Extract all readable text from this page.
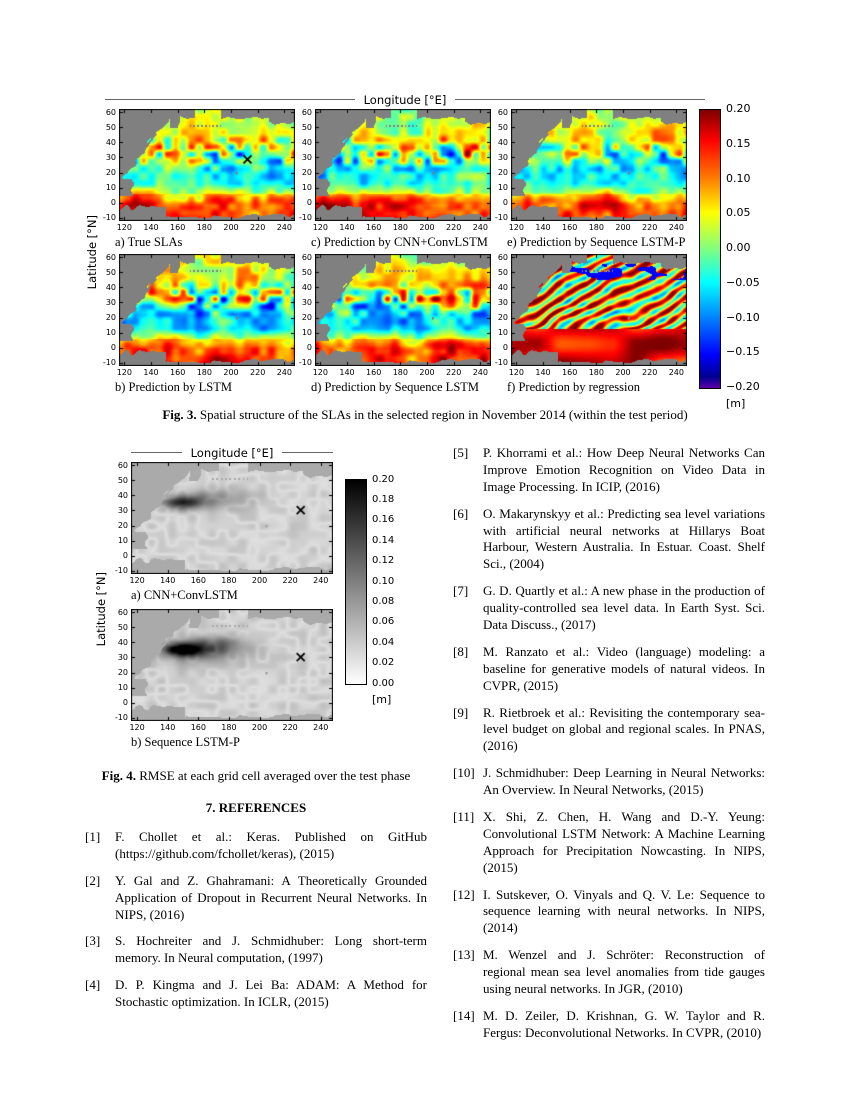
Longitude [°E]
Latitude [°N]
60
50
40
30
20
10
0
-10
120	140	160	180	200	220	240
a) True SLAs
60
50
40
30
20
10
0
-10
120	140	160	180	200	220	240
c) Prediction by CNN+ConvLSTM
60
50
40
30
20
10
0
-10
120	140	160	180	200	220	240
e) Prediction by Sequence LSTM-P
60
50
40
30
20
10
0
-10
120	140	160	180	200	220	240
b) Prediction by LSTM
60
50
40
30
20
10
0
-10
120	140	160	180	200	220	240
d) Prediction by Sequence LSTM
60
50
40
30
20
10
0
-10
120	140	160	180	200	220	240
f) Prediction by regression
0.20
0.15
0.10
0.05
0.00
−0.05
−0.10
−0.15
−0.20
[m]
Fig. 3. Spatial structure of the SLAs in the selected region in November 2014 (within the test period)
Longitude [°E]
Latitude [°N]
60
50
40
30
20
10
0
-10
120	140	160	180	200	220	240
a) CNN+ConvLSTM
60
50
40
30
20
10
0
-10
120	140	160	180	200	220	240
b) Sequence LSTM-P
0.20
0.18
0.16
0.14
0.12
0.10
0.08
0.06
0.04
0.02
0.00
[m]
Fig. 4. RMSE at each grid cell averaged over the test phase
7. REFERENCES
[1]	F. Chollet et al.: Keras. Published on GitHub (https://github.com/fchollet/keras), (2015)
[2]	Y. Gal and Z. Ghahramani: A Theoretically Grounded Application of Dropout in Recurrent Neural Networks. In NIPS, (2016)
[3]	S. Hochreiter and J. Schmidhuber: Long short-term memory. In Neural computation, (1997)
[4]	D. P. Kingma and J. Lei Ba: ADAM: A Method for Stochastic optimization. In ICLR, (2015)
[5]	P. Khorrami et al.: How Deep Neural Networks Can Improve Emotion Recognition on Video Data in Image Processing. In ICIP, (2016)
[6]	O. Makarynskyy et al.: Predicting sea level variations with artificial neural networks at Hillarys Boat Harbour, Western Australia. In Estuar. Coast. Shelf Sci., (2004)
[7]	G. D. Quartly et al.: A new phase in the production of quality-controlled sea level data. In Earth Syst. Sci. Data Discuss., (2017)
[8]	M. Ranzato et al.: Video (language) modeling: a baseline for generative models of natural videos. In CVPR, (2015)
[9]	R. Rietbroek et al.: Revisiting the contemporary sea-level budget on global and regional scales. In PNAS, (2016)
[10] J. Schmidhuber: Deep Learning in Neural Networks: An Overview. In Neural Networks, (2015)
[11] X. Shi, Z. Chen, H. Wang and D.-Y. Yeung: Convolutional LSTM Network: A Machine Learning Approach for Precipitation Nowcasting. In NIPS, (2015)
[12] I. Sutskever, O. Vinyals and Q. V. Le: Sequence to sequence learning with neural networks. In NIPS, (2014)
[13] M. Wenzel and J. Schröter: Reconstruction of regional mean sea level anomalies from tide gauges using neural networks. In JGR, (2010)
[14] M. D. Zeiler, D. Krishnan, G. W. Taylor and R. Fergus: Deconvolutional Networks. In CVPR, (2010)
